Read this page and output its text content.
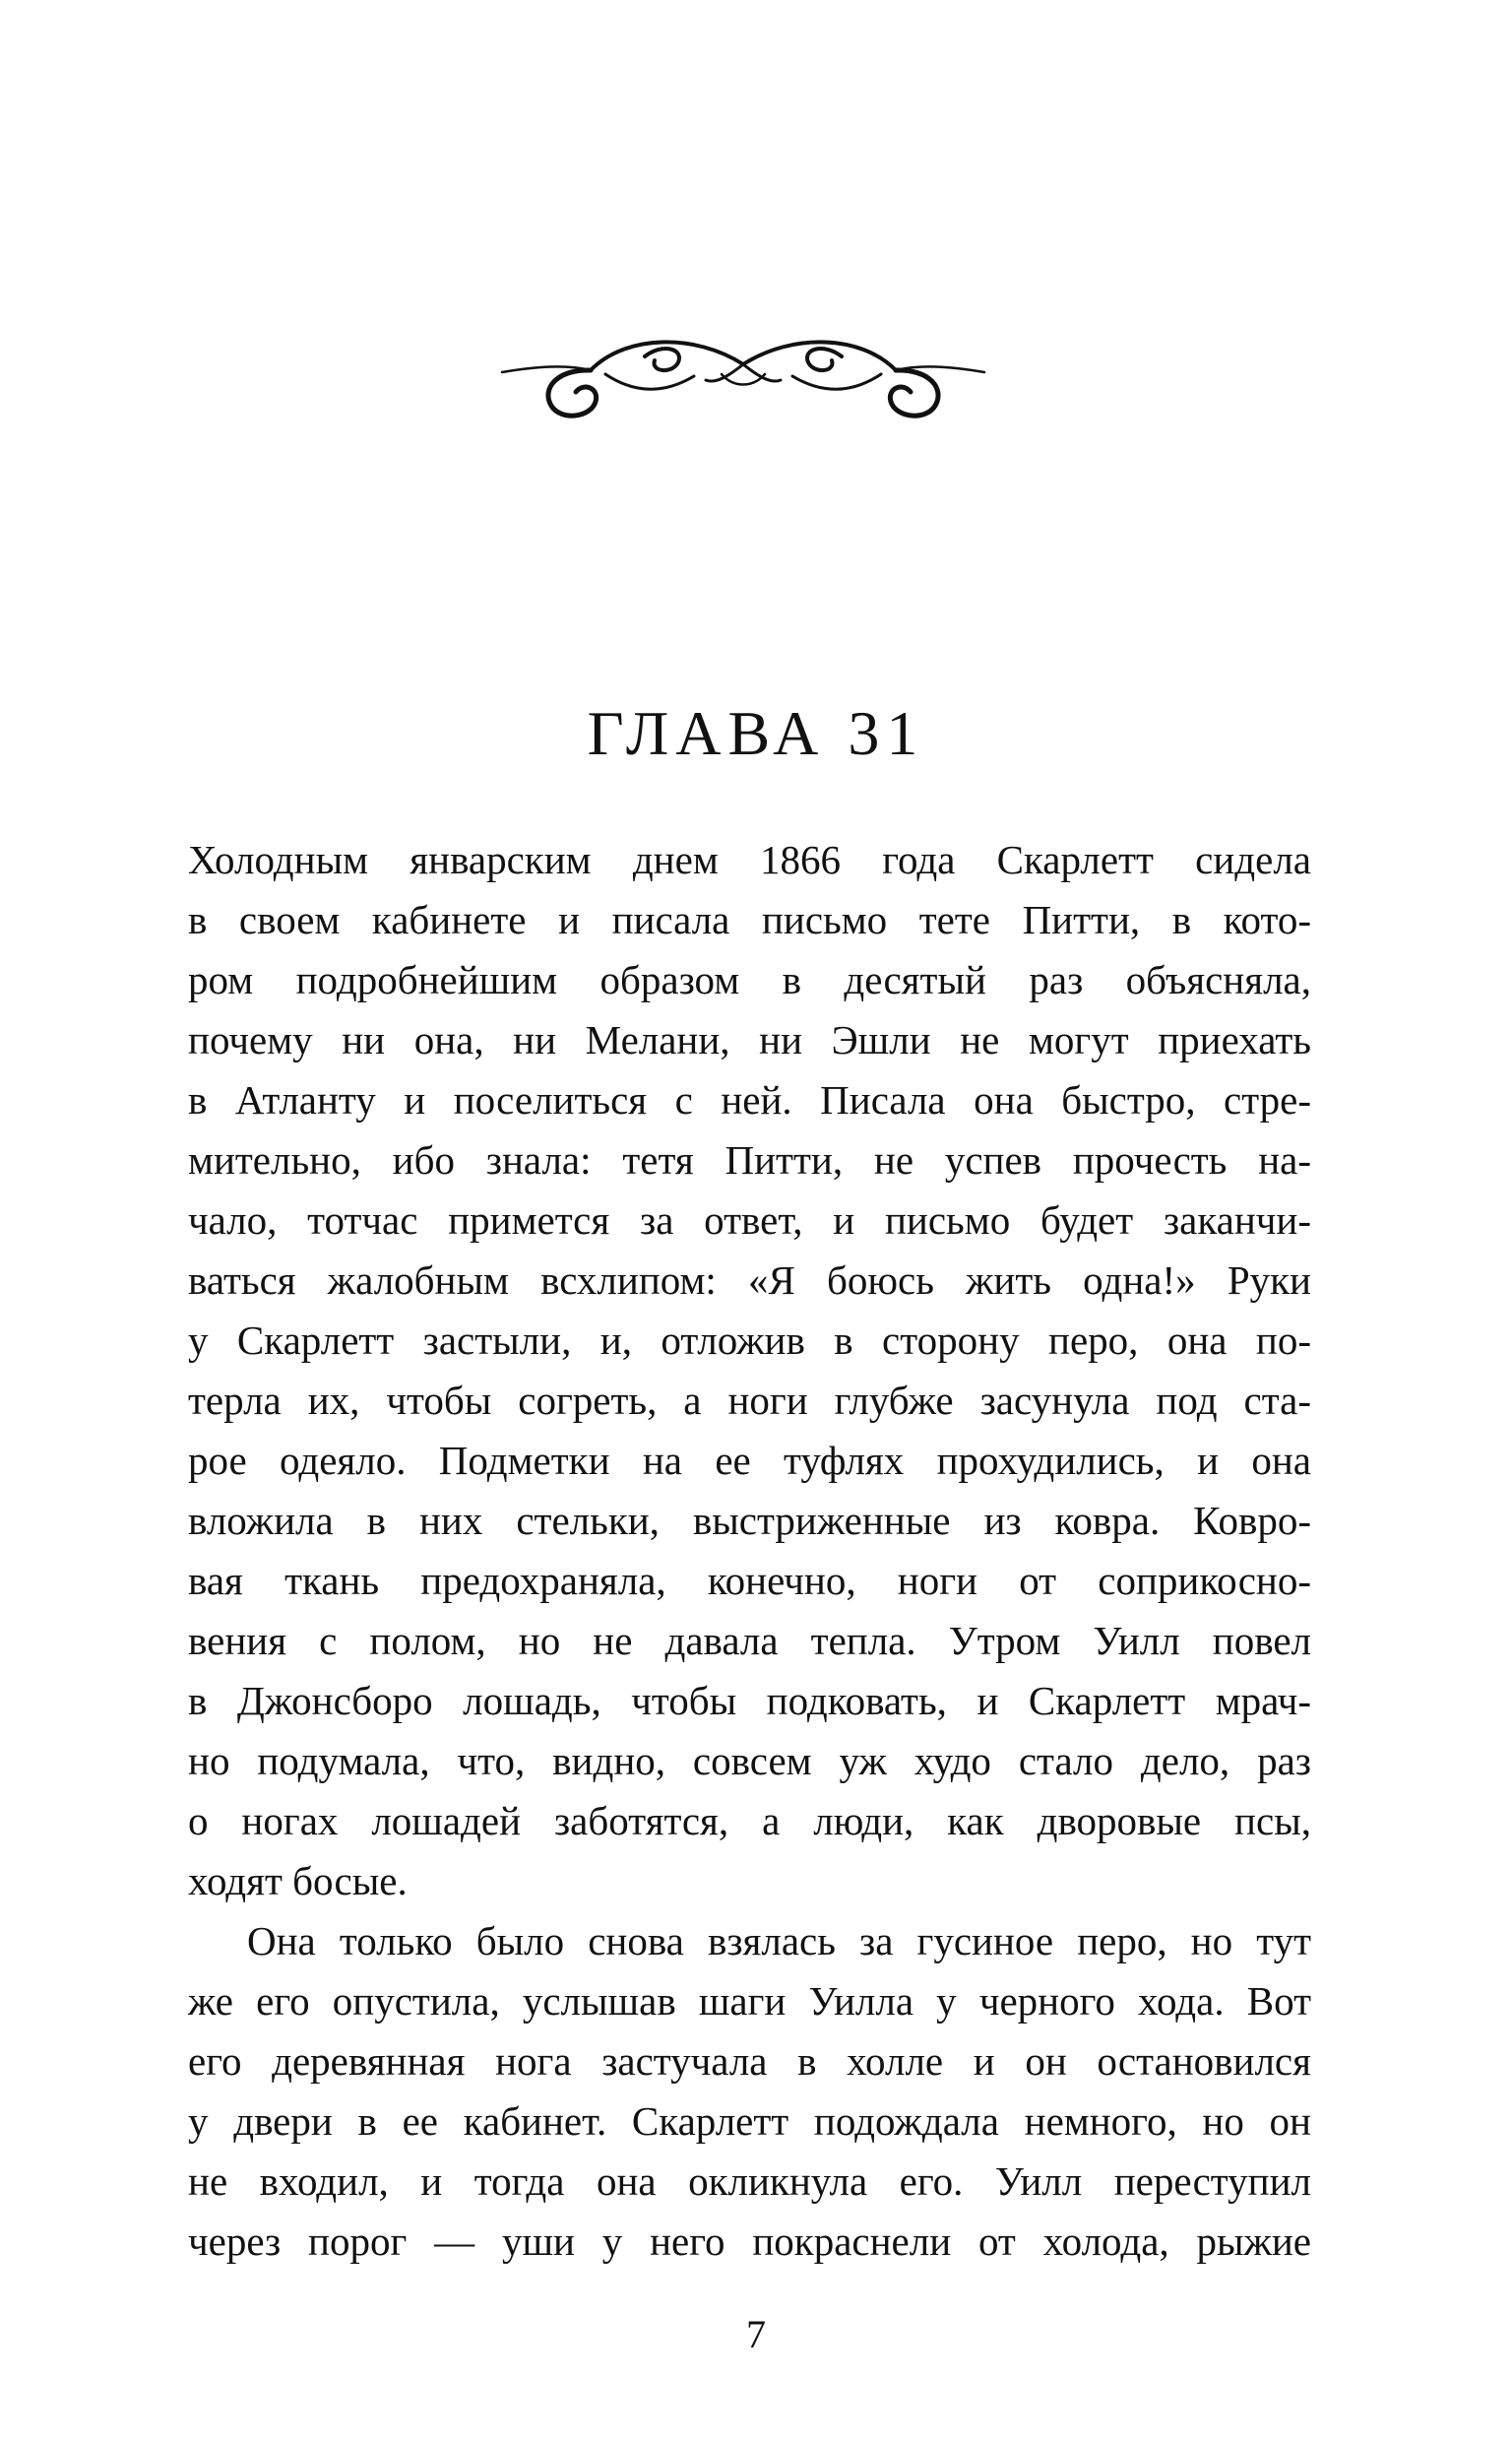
ГЛАВА 31
Холодным январским днем 1866 года Скарлетт сидела
в своем кабинете и писала письмо тете Питти, в кото-
ром подробнейшим образом в десятый раз объясняла,
почему ни она, ни Мелани, ни Эшли не могут приехать
в Атланту и поселиться с ней. Писала она быстро, стре-
мительно, ибо знала: тетя Питти, не успев прочесть на-
чало, тотчас примется за ответ, и письмо будет заканчи-
ваться жалобным всхлипом: «Я боюсь жить одна!» Руки
у Скарлетт застыли, и, отложив в сторону перо, она по-
терла их, чтобы согреть, а ноги глубже засунула под ста-
рое одеяло. Подметки на ее туфлях прохудились, и она
вложила в них стельки, выстриженные из ковра. Ковро-
вая ткань предохраняла, конечно, ноги от соприкосно-
вения с полом, но не давала тепла. Утром Уилл повел
в Джонсборо лошадь, чтобы подковать, и Скарлетт мрач-
но подумала, что, видно, совсем уж худо стало дело, раз
о ногах лошадей заботятся, а люди, как дворовые псы,
ходят босые.
Она только было снова взялась за гусиное перо, но тут
же его опустила, услышав шаги Уилла у черного хода. Вот
его деревянная нога застучала в холле и он остановился
у двери в ее кабинет. Скарлетт подождала немного, но он
не входил, и тогда она окликнула его. Уилл переступил
через порог — уши у него покраснели от холода, рыжие
7
